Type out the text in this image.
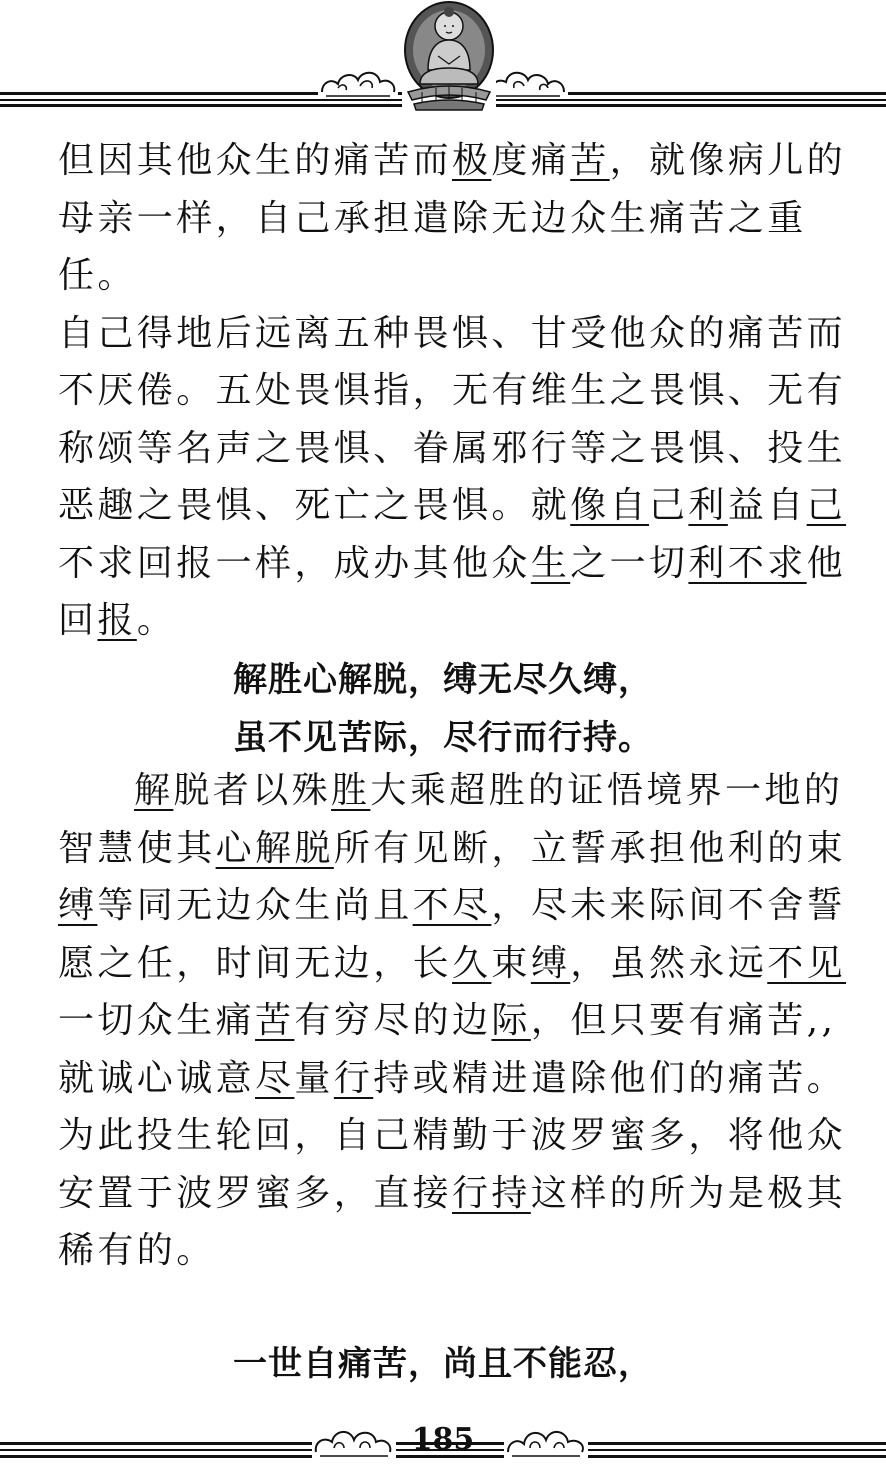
但因其他众生的痛苦而极度痛苦，就像病儿的
母亲一样，自己承担遣除无边众生痛苦之重任。
自己得地后远离五种畏惧、甘受他众的痛苦而
不厌倦。五处畏惧指，无有维生之畏惧、无有
称颂等名声之畏惧、眷属邪行等之畏惧、投生
恶趣之畏惧、死亡之畏惧。就像自己利益自己
不求回报一样，成办其他众生之一切利不求他
回报。
解胜心解脱，缚无尽久缚，
虽不见苦际，尽行而行持。
解脱者以殊胜大乘超胜的证悟境界一地的
智慧使其心解脱所有见断，立誓承担他利的束
缚等同无边众生尚且不尽，尽未来际间不舍誓
愿之任，时间无边，长久束缚，虽然永远不见
一切众生痛苦有穷尽的边际，但只要有痛苦,,
就诚心诚意尽量行持或精进遣除他们的痛苦。
为此投生轮回，自己精勤于波罗蜜多，将他众
安置于波罗蜜多，直接行持这样的所为是极其
稀有的。
一世自痛苦，尚且不能忍，
185
